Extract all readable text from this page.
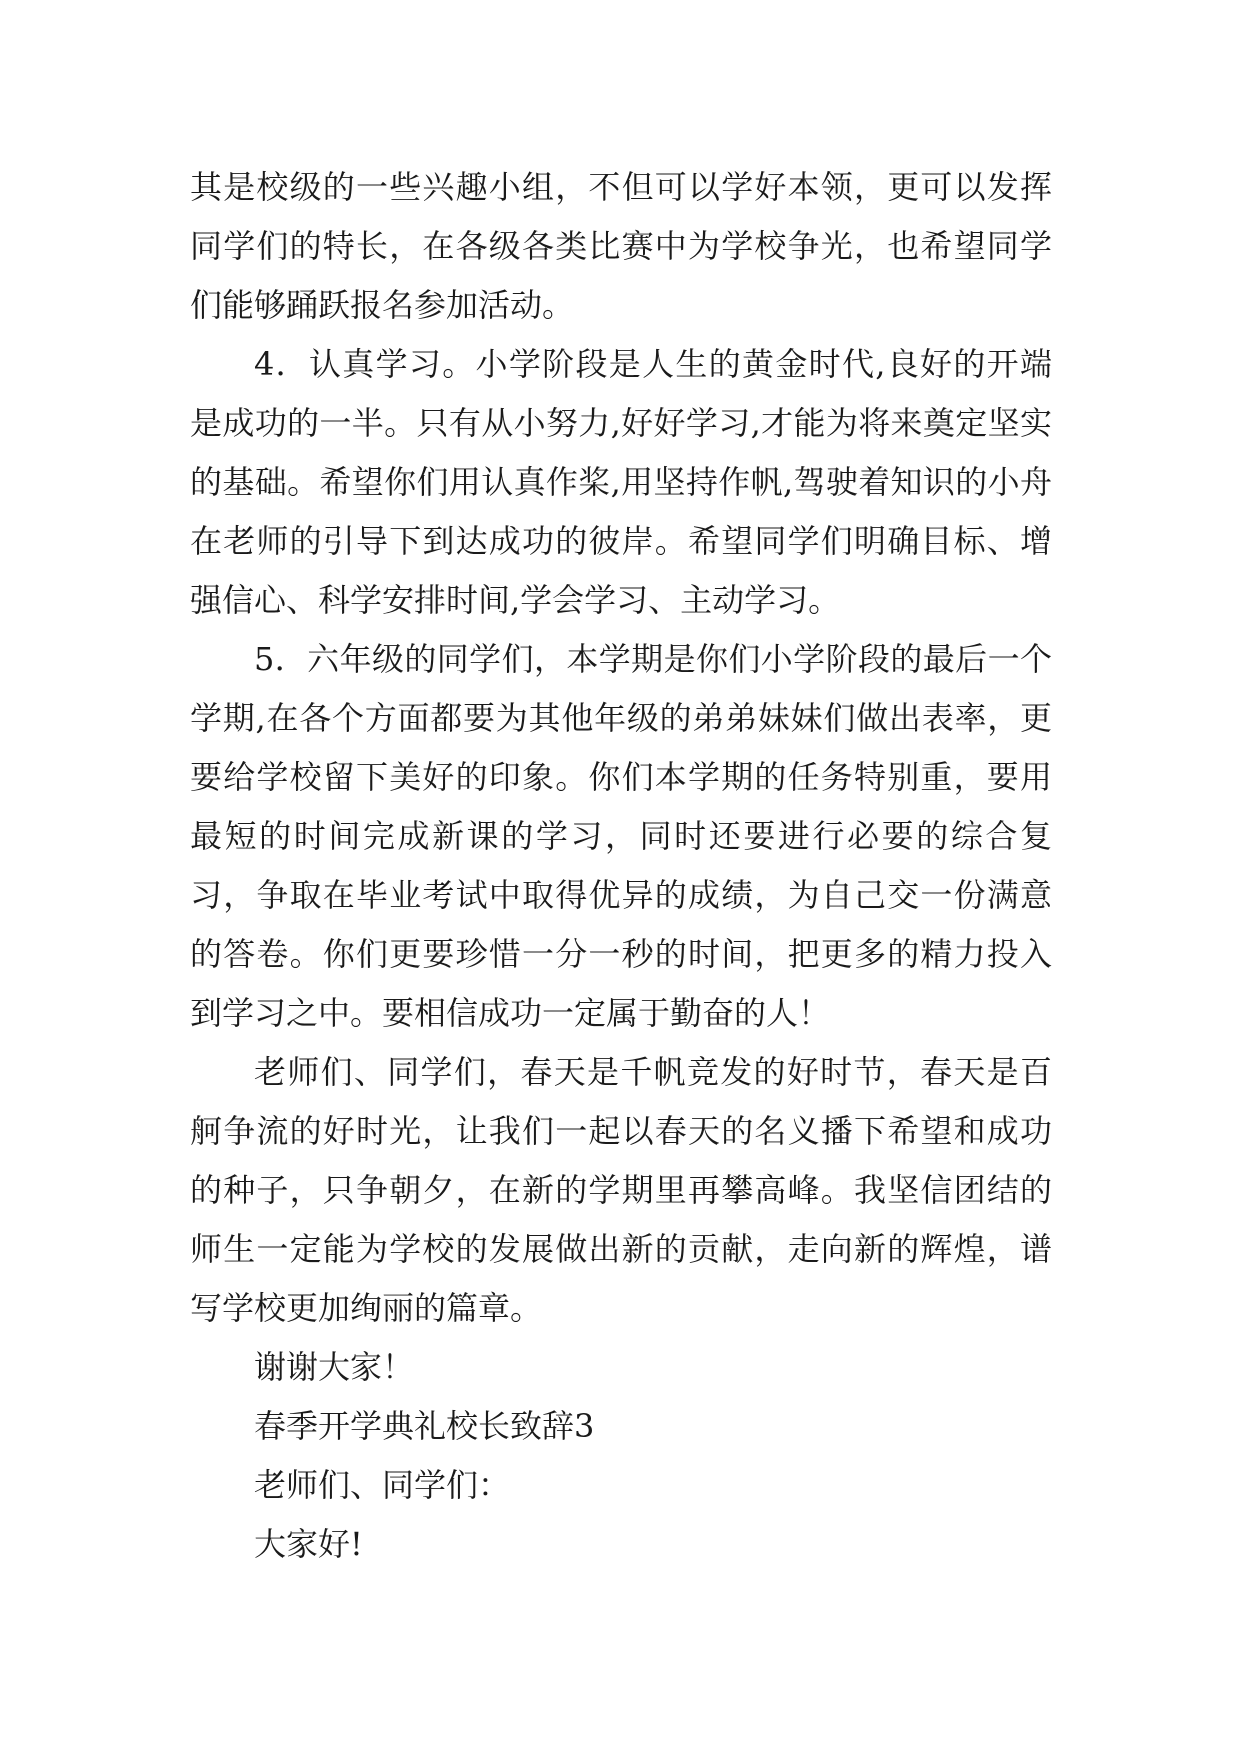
其是校级的一些兴趣小组，不但可以学好本领，更可以发挥同学们的特长，在各级各类比赛中为学校争光，也希望同学们能够踊跃报名参加活动。

4．认真学习。小学阶段是人生的黄金时代,良好的开端是成功的一半。只有从小努力,好好学习,才能为将来奠定坚实的基础。希望你们用认真作桨,用坚持作帆,驾驶着知识的小舟在老师的引导下到达成功的彼岸。希望同学们明确目标、增强信心、科学安排时间,学会学习、主动学习。

5．六年级的同学们，本学期是你们小学阶段的最后一个学期,在各个方面都要为其他年级的弟弟妹妹们做出表率，更要给学校留下美好的印象。你们本学期的任务特别重，要用最短的时间完成新课的学习，同时还要进行必要的综合复习，争取在毕业考试中取得优异的成绩，为自己交一份满意的答卷。你们更要珍惜一分一秒的时间，把更多的精力投入到学习之中。要相信成功一定属于勤奋的人！

老师们、同学们，春天是千帆竞发的好时节，春天是百舸争流的好时光，让我们一起以春天的名义播下希望和成功的种子，只争朝夕，在新的学期里再攀高峰。我坚信团结的师生一定能为学校的发展做出新的贡献，走向新的辉煌，谱写学校更加绚丽的篇章。

谢谢大家！

春季开学典礼校长致辞3

老师们、同学们：

大家好!
